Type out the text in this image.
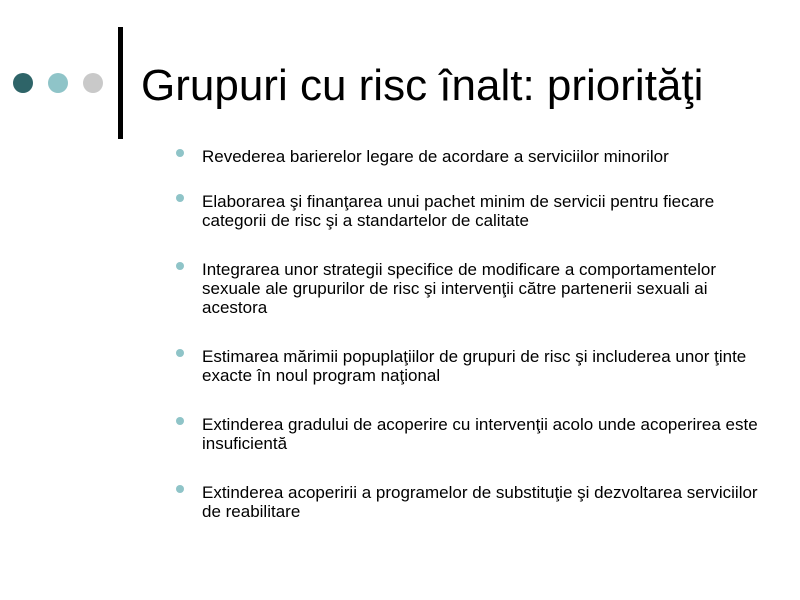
Grupuri cu risc înalt: priorităţi
Revederea barierelor legare de acordare a serviciilor minorilor
Elaborarea şi finanţarea unui pachet minim de servicii pentru fiecare categorii de risc şi a standartelor de calitate
Integrarea unor strategii specifice de modificare a comportamentelor sexuale ale grupurilor de risc şi intervenţii către partenerii sexuali ai acestora
Estimarea mărimii popuplaţiilor de grupuri de risc şi includerea unor ţinte exacte în noul program naţional
Extinderea gradului de acoperire cu intervenţii acolo unde acoperirea este insuficientă
Extinderea acoperirii a programelor de substituţie şi dezvoltarea serviciilor de reabilitare
